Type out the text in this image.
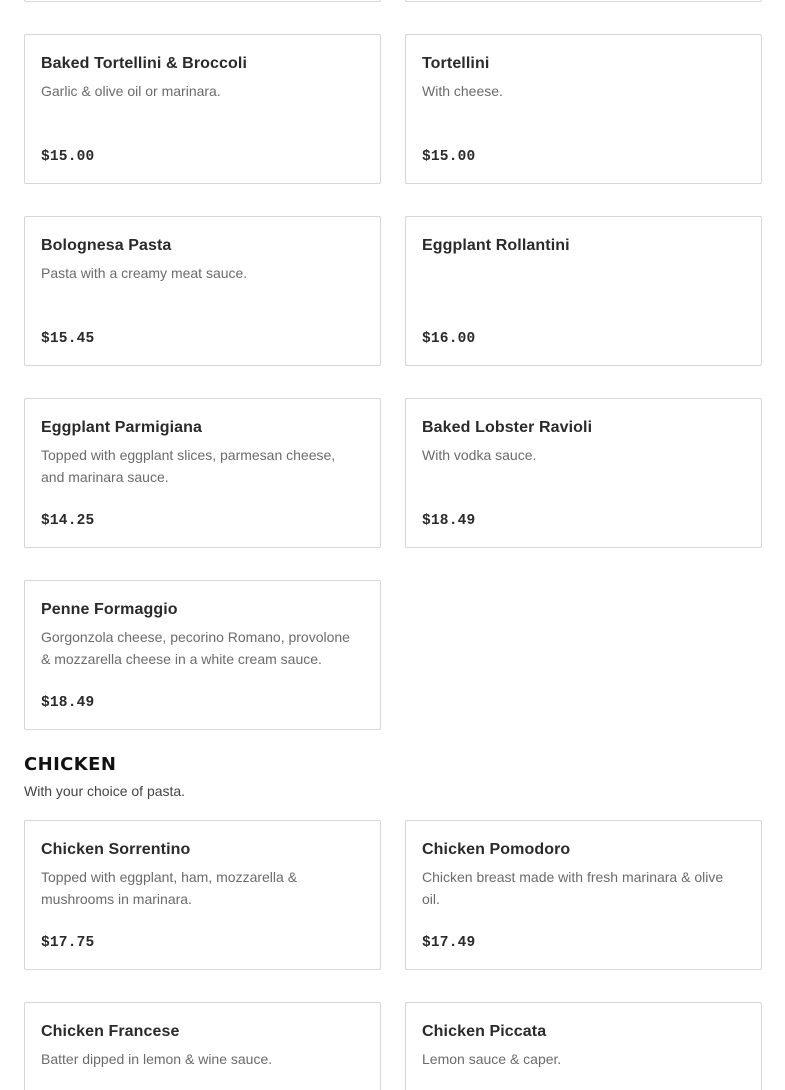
Baked Tortellini & Broccoli
Garlic & olive oil or marinara.
$15.00
Tortellini
With cheese.
$15.00
Bolognesa Pasta
Pasta with a creamy meat sauce.
$15.45
Eggplant Rollantini
$16.00
Eggplant Parmigiana
Topped with eggplant slices, parmesan cheese, and marinara sauce.
$14.25
Baked Lobster Ravioli
With vodka sauce.
$18.49
Penne Formaggio
Gorgonzola cheese, pecorino Romano, provolone & mozzarella cheese in a white cream sauce.
$18.49
CHICKEN
With your choice of pasta.
Chicken Sorrentino
Topped with eggplant, ham, mozzarella & mushrooms in marinara.
$17.75
Chicken Pomodoro
Chicken breast made with fresh marinara & olive oil.
$17.49
Chicken Francese
Batter dipped in lemon & wine sauce.
Chicken Piccata
Lemon sauce & caper.
